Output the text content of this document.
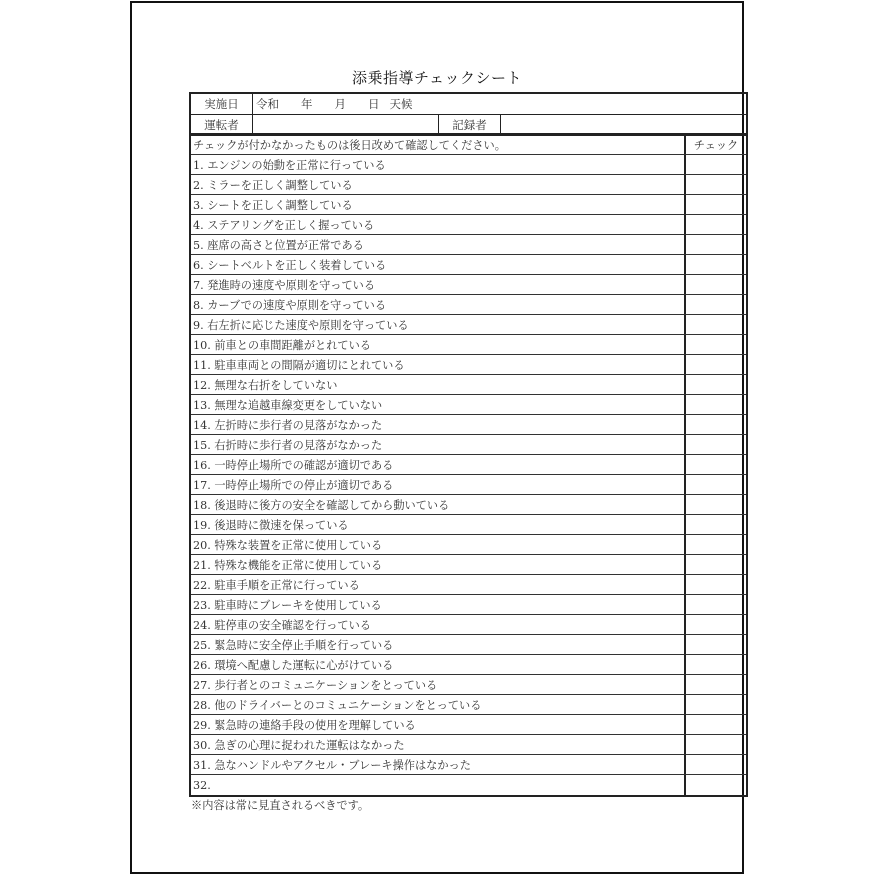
添乗指導チェックシート
実施日	令和 年 月 日 天候
運転者	記録者
チェックが付かなかったものは後日改めて確認してください。	チェック
1. エンジンの始動を正常に行っている
2. ミラーを正しく調整している
3. シートを正しく調整している
4. ステアリングを正しく握っている
5. 座席の高さと位置が正常である
6. シートベルトを正しく装着している
7. 発進時の速度や原則を守っている
8. カーブでの速度や原則を守っている
9. 右左折に応じた速度や原則を守っている
10. 前車との車間距離がとれている
11. 駐車車両との間隔が適切にとれている
12. 無理な右折をしていない
13. 無理な追越車線変更をしていない
14. 左折時に歩行者の見落がなかった
15. 右折時に歩行者の見落がなかった
16. 一時停止場所での確認が適切である
17. 一時停止場所での停止が適切である
18. 後退時に後方の安全を確認してから動いている
19. 後退時に徴速を保っている
20. 特殊な装置を正常に使用している
21. 特殊な機能を正常に使用している
22. 駐車手順を正常に行っている
23. 駐車時にブレーキを使用している
24. 駐停車の安全確認を行っている
25. 緊急時に安全停止手順を行っている
26. 環境へ配慮した運転に心がけている
27. 歩行者とのコミュニケーションをとっている
28. 他のドライバーとのコミュニケーションをとっている
29. 緊急時の連絡手段の使用を理解している
30. 急ぎの心理に捉われた運転はなかった
31. 急なハンドルやアクセル・ブレーキ操作はなかった
32.
※内容は常に見直されるべきです。
